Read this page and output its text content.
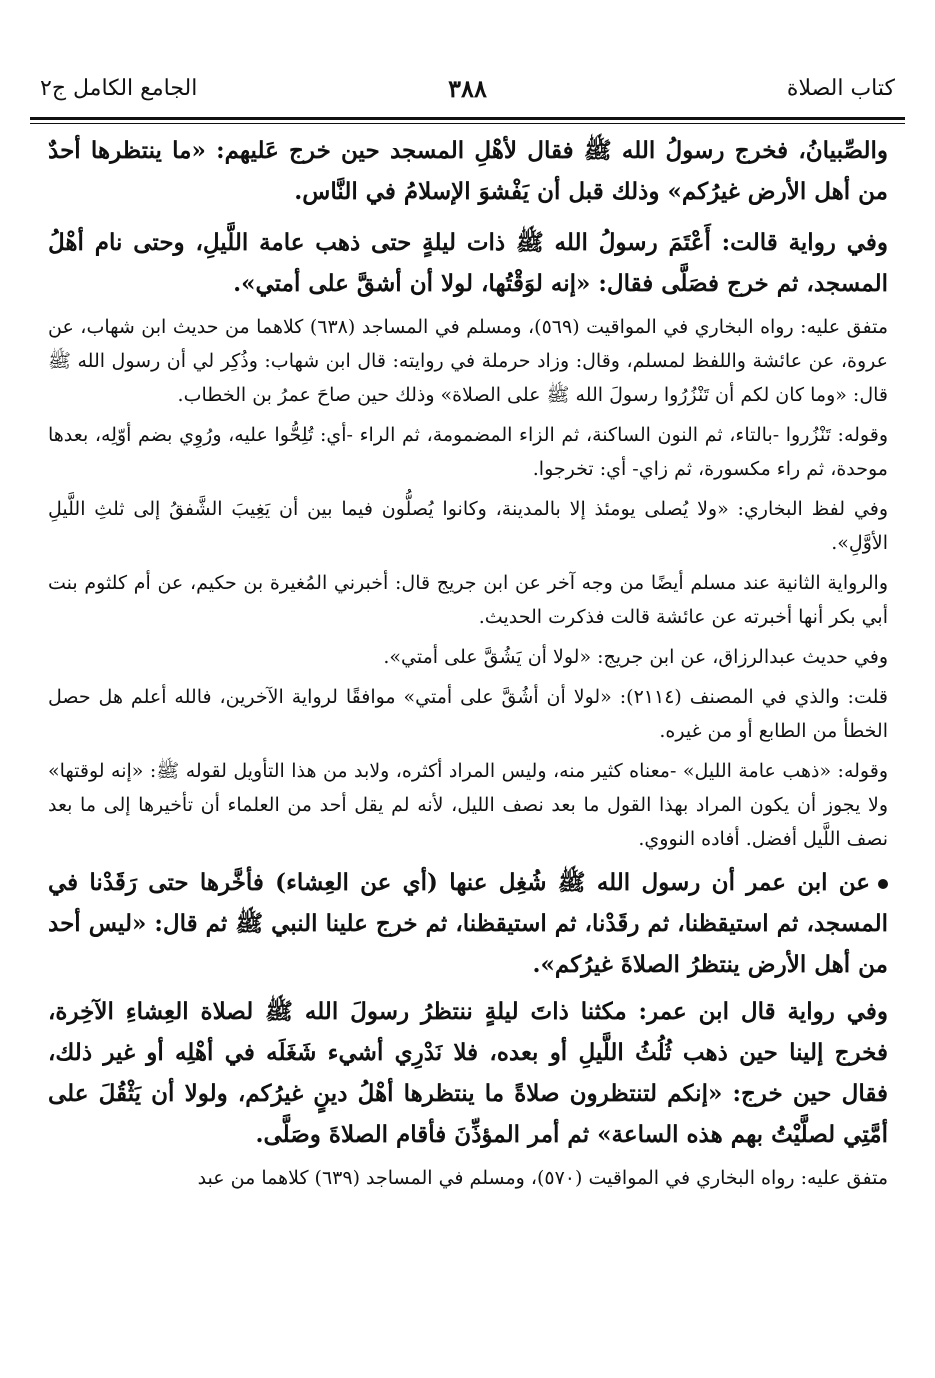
كتاب الصلاة
٣٨٨
الجامع الكامل ج٢

والصِّبيانُ، فخرج رسولُ الله ﷺ فقال لأهْلِ المسجد حين خرج عَليهم: «ما ينتظرها أحدٌ من أهل الأرض غيرُكم» وذلك قبل أن يَفْشوَ الإسلامُ في النَّاس.

وفي رواية قالت: أَعْتَمَ رسولُ الله ﷺ ذات ليلةٍ حتى ذهب عامة اللَّيلِ، وحتى نام أهْلُ المسجد، ثم خرج فصَلَّى فقال: «إنه لوَقْتُها، لولا أن أشقَّ على أمتي».

متفق عليه: رواه البخاري في المواقيت (٥٦٩)، ومسلم في المساجد (٦٣٨) كلاهما من حديث ابن شهاب، عن عروة، عن عائشة واللفظ لمسلم، وقال: وزاد حرملة في روايته: قال ابن شهاب: وذُكِر لي أن رسول الله ﷺ قال: «وما كان لكم أن تَنْزُرُوا رسولَ الله ﷺ على الصلاة» وذلك حين صاحَ عمرُ بن الخطاب.

وقوله: تَنْزُروا -بالتاء، ثم النون الساكنة، ثم الزاء المضمومة، ثم الراء -أي: تُلِحُّوا عليه، ورُوِي بضم أوّلِه، بعدها موحدة، ثم راء مكسورة، ثم زاي- أي: تخرجوا.

وفي لفظ البخاري: «ولا يُصلى يومئذ إلا بالمدينة، وكانوا يُصلُّون فيما بين أن يَغِيبَ الشَّفقُ إلى ثلثِ اللَّيلِ الأوَّلِ».

والرواية الثانية عند مسلم أيضًا من وجه آخر عن ابن جريج قال: أخبرني المُغيرة بن حكيم، عن أم كلثوم بنت أبي بكر أنها أخبرته عن عائشة قالت فذكرت الحديث.

وفي حديث عبدالرزاق، عن ابن جريج: «لولا أن يَشُقَّ على أمتي».

قلت: والذي في المصنف (٢١١٤): «لولا أن أشُقَّ على أمتي» موافقًا لرواية الآخرين، فالله أعلم هل حصل الخطأ من الطابع أو من غيره.

وقوله: «ذهب عامة الليل» -معناه كثير منه، وليس المراد أكثره، ولابد من هذا التأويل لقوله ﷺ: «إنه لوقتها» ولا يجوز أن يكون المراد بهذا القول ما بعد نصف الليل، لأنه لم يقل أحد من العلماء أن تأخيرها إلى ما بعد نصف اللَّيل أفضل. أفاده النووي.

عن ابن عمر أن رسول الله ﷺ شُغِل عنها (أي عن العِشاء) فأخَّرها حتى رَقَدْنا في المسجد، ثم استيقظنا، ثم رقَدْنا، ثم استيقظنا، ثم خرج علينا النبي ﷺ ثم قال: «ليس أحد من أهل الأرض ينتظرُ الصلاةَ غيرُكم».

وفي رواية قال ابن عمر: مكثنا ذاتَ ليلةٍ ننتظرُ رسولَ الله ﷺ لصلاة العِشاءِ الآخِرة، فخرج إلينا حين ذهب ثُلُثُ اللَّيلِ أو بعده، فلا نَدْرِي أشيء شَغَلَه في أهْلِه أو غير ذلك، فقال حين خرج: «إنكم لتنتظرون صلاةً ما ينتظرها أهْلُ دينٍ غيرُكم، ولولا أن يَثْقُلَ على أمَّتِي لصلَّيْتُ بهم هذه الساعة» ثم أمر المؤذِّنَ فأقام الصلاةَ وصَلَّى.

متفق عليه: رواه البخاري في المواقيت (٥٧٠)، ومسلم في المساجد (٦٣٩) كلاهما من عبد
